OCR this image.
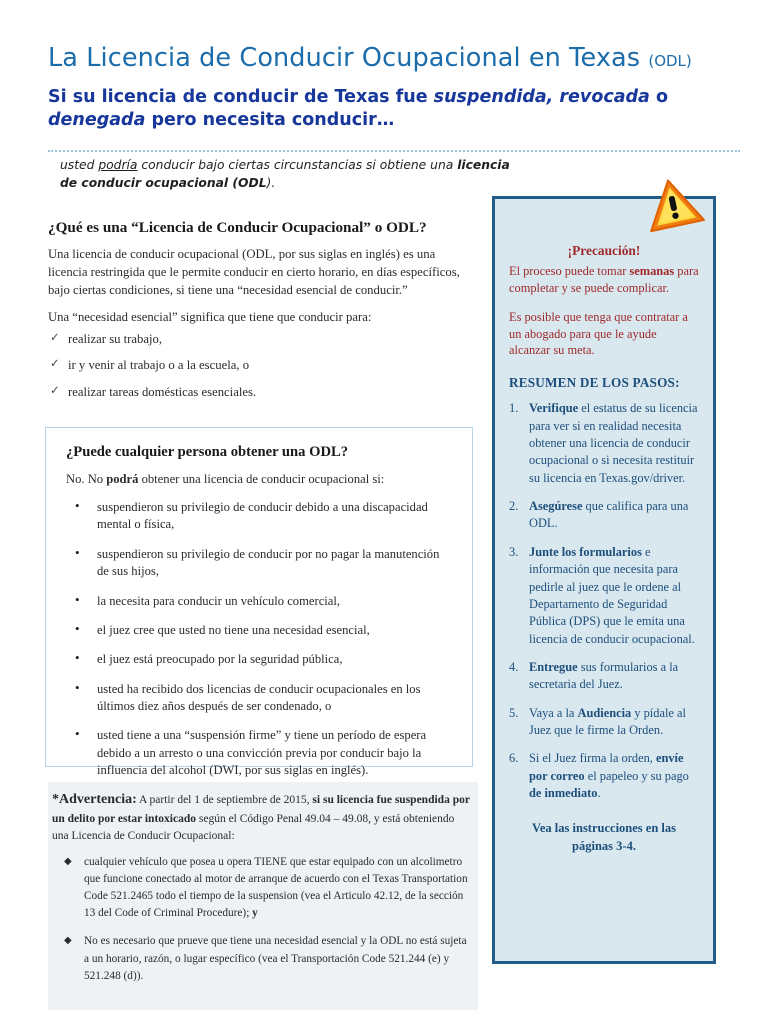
La Licencia de Conducir Ocupacional en Texas (ODL)
Si su licencia de conducir de Texas fue suspendida, revocada o denegada pero necesita conducir…
usted podría conducir bajo ciertas circunstancias si obtiene una licencia de conducir ocupacional (ODL).
¿Qué es una “Licencia de Conducir Ocupacional” o ODL?

Una licencia de conducir ocupacional (ODL, por sus siglas en inglés) es una licencia restringida que le permite conducir en cierto horario, en días específicos, bajo ciertas condiciones, si tiene una “necesidad esencial de conducir.”

Una “necesidad esencial” significa que tiene que conducir para:

✓ realizar su trabajo,
✓ ir y venir al trabajo o a la escuela, o
✓ realizar tareas domésticas esenciales.
¿Puede cualquier persona obtener una ODL?

No. No podrá obtener una licencia de conducir ocupacional si:

• suspendieron su privilegio de conducir debido a una discapacidad mental o física,
• suspendieron su privilegio de conducir por no pagar la manutención de sus hijos,
• la necesita para conducir un vehículo comercial,
• el juez cree que usted no tiene una necesidad esencial,
• el juez está preocupado por la seguridad pública,
• usted ha recibido dos licencias de conducir ocupacionales en los últimos diez años después de ser condenado, o
• usted tiene a una “suspensión firme” y tiene un período de espera debido a un arresto o una convicción previa por conducir bajo la influencia del alcohol (DWI, por sus siglas en inglés).

*Advertencia: A partir del 1 de septiembre de 2015, si su licencia fue suspendida por un delito por estar intoxicado según el Código Penal 49.04 – 49.08, y está obteniendo una Licencia de Conducir Ocupacional:

◆ cualquier vehículo que posea u opera TIENE que estar equipado con un alcolimetro que funcione conectado al motor de arranque de acuerdo con el Texas Transportation Code 521.2465 todo el tiempo de la suspension (vea el Articulo 42.12, de la sección 13 del Code of Criminal Procedure); y
◆ No es necesario que prueve que tiene una necesidad esencial y la ODL no está sujeta a un horario, razón, o lugar específico (vea el Transportación Code 521.244 (e) y 521.248 (d)).
¡Precaución!

El proceso puede tomar semanas para completar y se puede complicar.

Es posible que tenga que contratar a un abogado para que le ayude alcanzar su meta.

RESUMEN DE LOS PASOS:
1. Verifique el estatus de su licencia para ver si en realidad necesita obtener una licencia de conducir ocupacional o si necesita restituir su licencia en Texas.gov/driver.
2. Asegúrese que califica para una ODL.
3. Junte los formularios e información que necesita para pedirle al juez que le ordene al Departamento de Seguridad Pública (DPS) que le emita una licencia de conducir ocupacional.
4. Entregue sus formularios a la secretaria del Juez.
5. Vaya a la Audiencia y pídale al Juez que le firme la Orden.
6. Si el Juez firma la orden, envíe por correo el papeleo y su pago de inmediato.
Vea las instrucciones en las
páginas 3-4.
